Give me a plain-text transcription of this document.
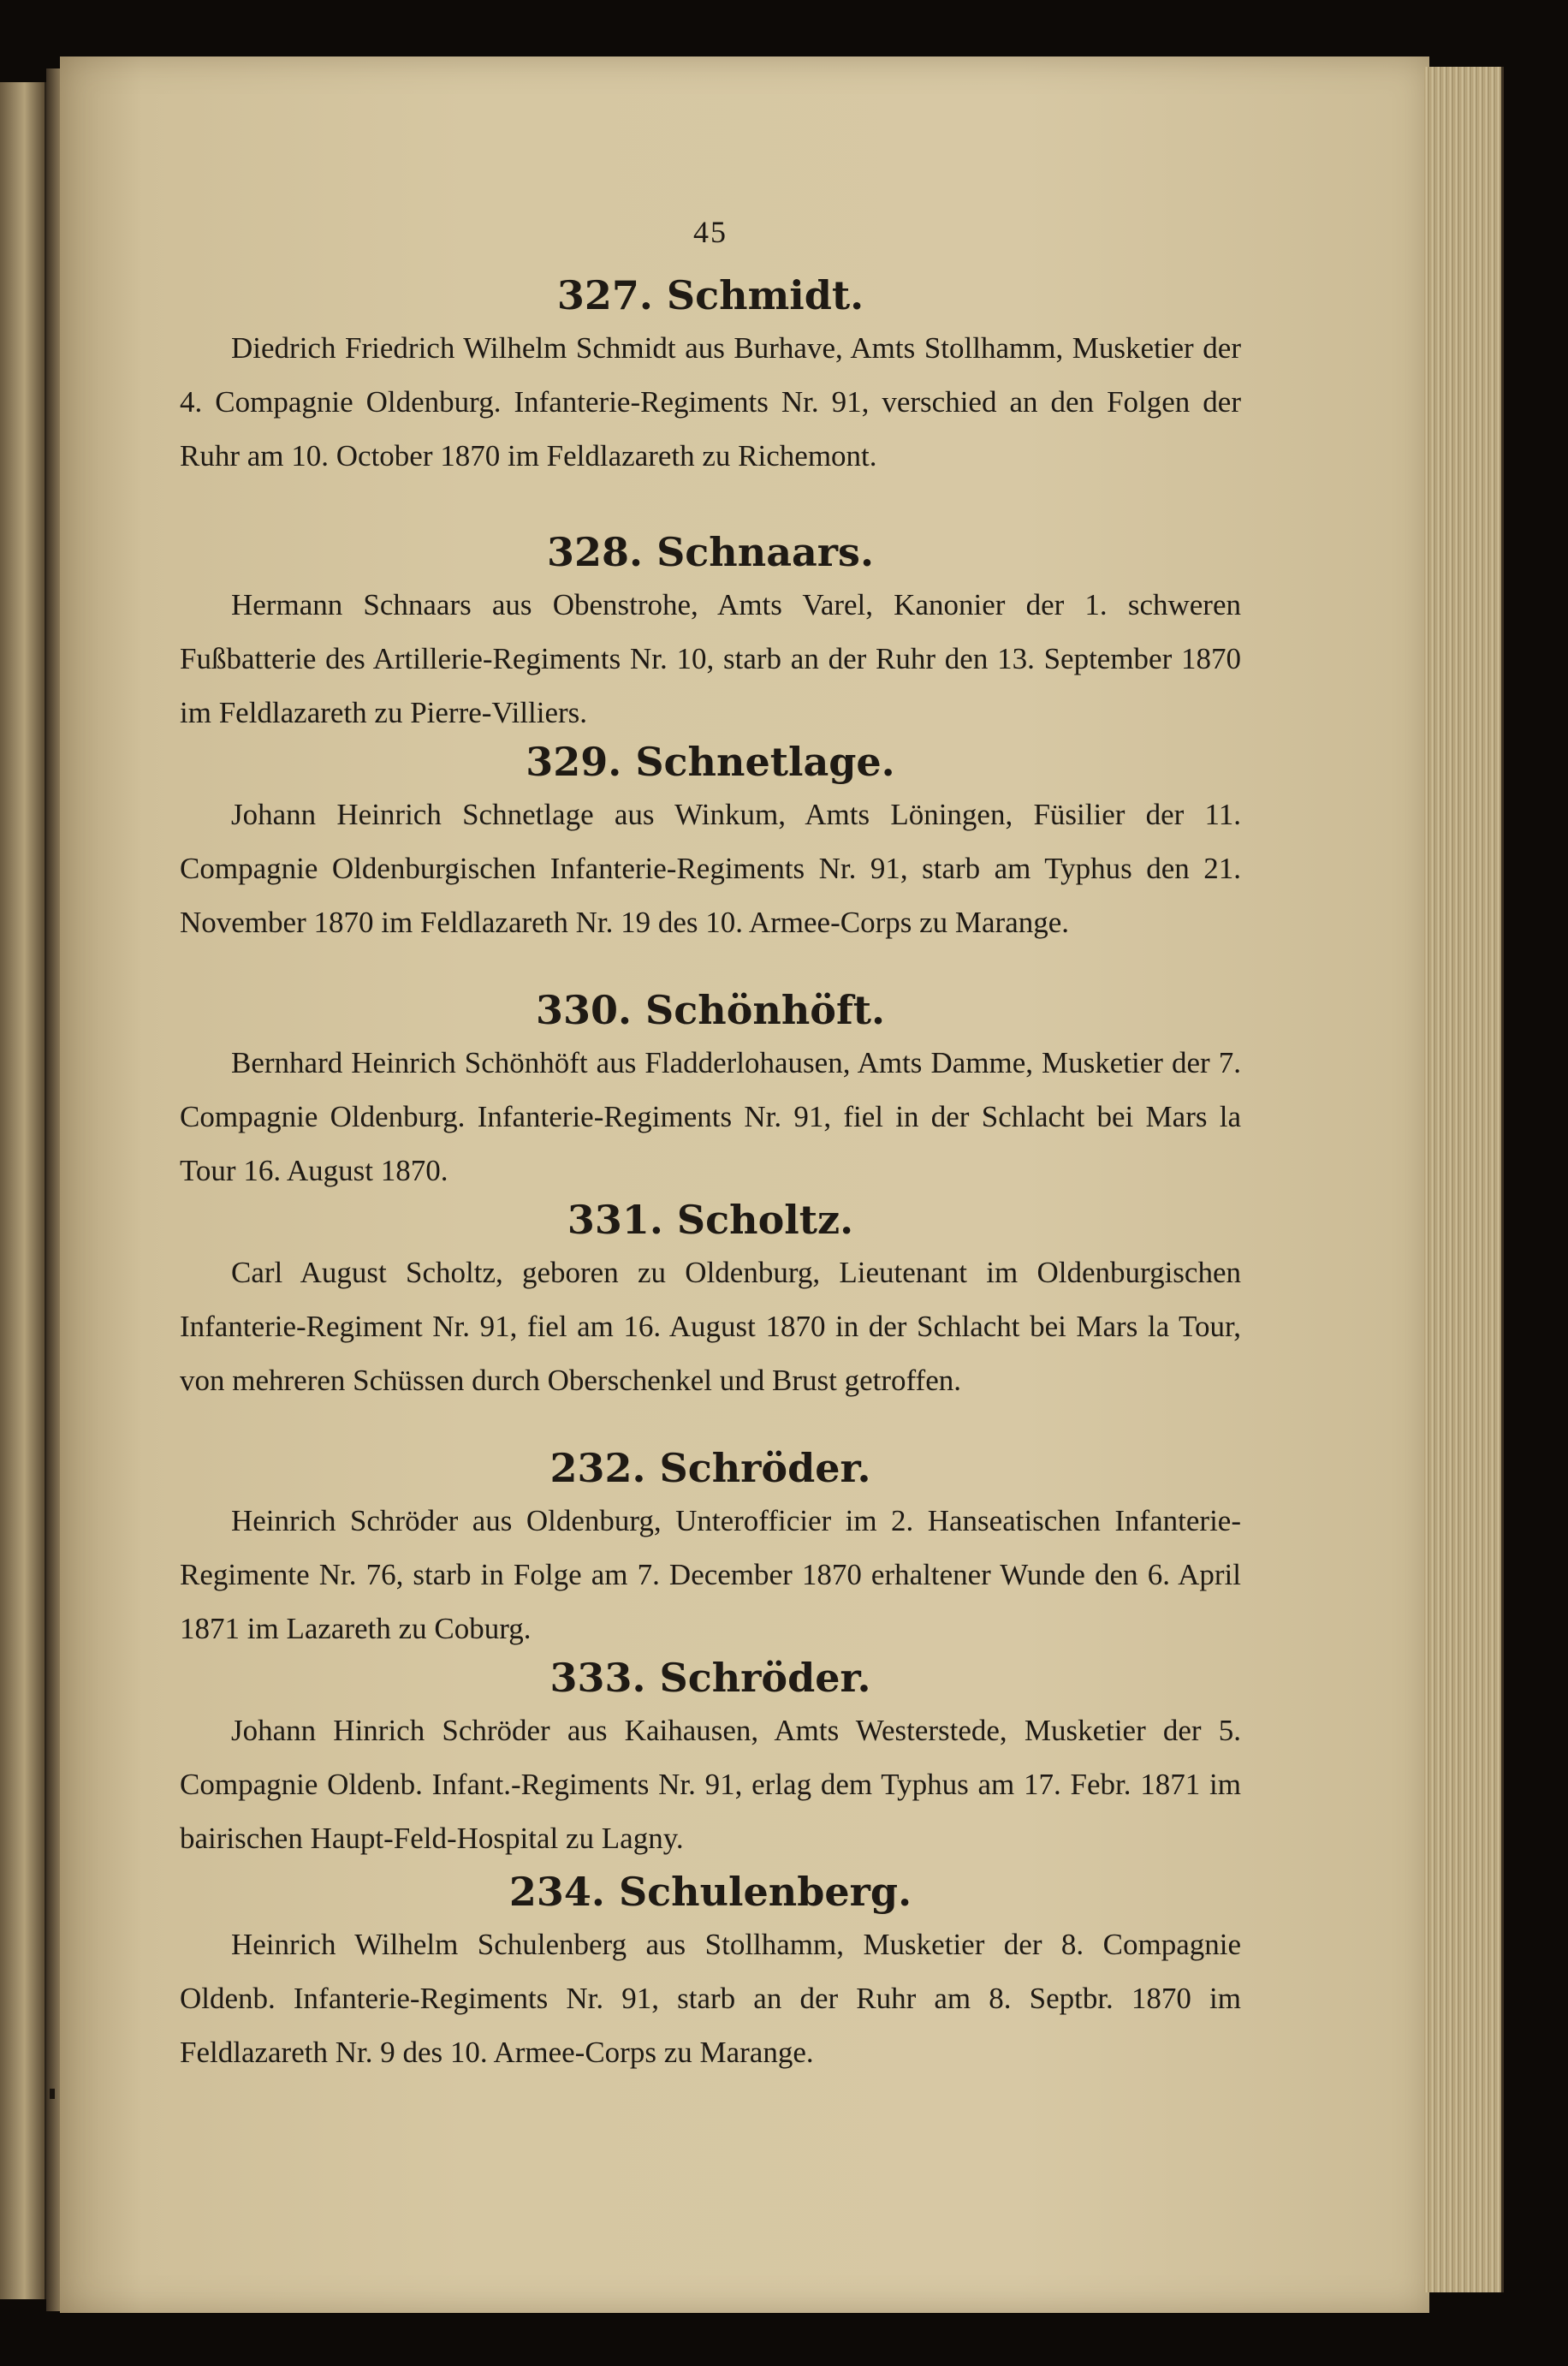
45
327. Schmidt.
Diedrich Friedrich Wilhelm Schmidt aus Burhave, Amts Stollhamm, Musketier der 4. Compagnie Oldenburg. Infanterie-Regiments Nr. 91, verschied an den Folgen der Ruhr am 10. October 1870 im Feldlazareth zu Richemont.
328. Schnaars.
Hermann Schnaars aus Obenstrohe, Amts Varel, Kanonier der 1. schweren Fußbatterie des Artillerie-Regiments Nr. 10, starb an der Ruhr den 13. September 1870 im Feldlazareth zu Pierre-Villiers.
329. Schnetlage.
Johann Heinrich Schnetlage aus Winkum, Amts Löningen, Füsilier der 11. Compagnie Oldenburgischen Infanterie-Regiments Nr. 91, starb am Typhus den 21. November 1870 im Feldlazareth Nr. 19 des 10. Armee-Corps zu Marange.
330. Schönhöft.
Bernhard Heinrich Schönhöft aus Fladderlohausen, Amts Damme, Musketier der 7. Compagnie Oldenburg. Infanterie-Regiments Nr. 91, fiel in der Schlacht bei Mars la Tour 16. August 1870.
331. Scholtz.
Carl August Scholtz, geboren zu Oldenburg, Lieutenant im Oldenburgischen Infanterie-Regiment Nr. 91, fiel am 16. August 1870 in der Schlacht bei Mars la Tour, von mehreren Schüssen durch Oberschenkel und Brust getroffen.
232. Schröder.
Heinrich Schröder aus Oldenburg, Unterofficier im 2. Hanseatischen Infanterie-Regimente Nr. 76, starb in Folge am 7. December 1870 erhaltener Wunde den 6. April 1871 im Lazareth zu Coburg.
333. Schröder.
Johann Hinrich Schröder aus Kaihausen, Amts Westerstede, Musketier der 5. Compagnie Oldenb. Infant.-Regiments Nr. 91, erlag dem Typhus am 17. Febr. 1871 im bairischen Haupt-Feld-Hospital zu Lagny.
234. Schulenberg.
Heinrich Wilhelm Schulenberg aus Stollhamm, Musketier der 8. Compagnie Oldenb. Infanterie-Regiments Nr. 91, starb an der Ruhr am 8. Septbr. 1870 im Feldlazareth Nr. 9 des 10. Armee-Corps zu Marange.
